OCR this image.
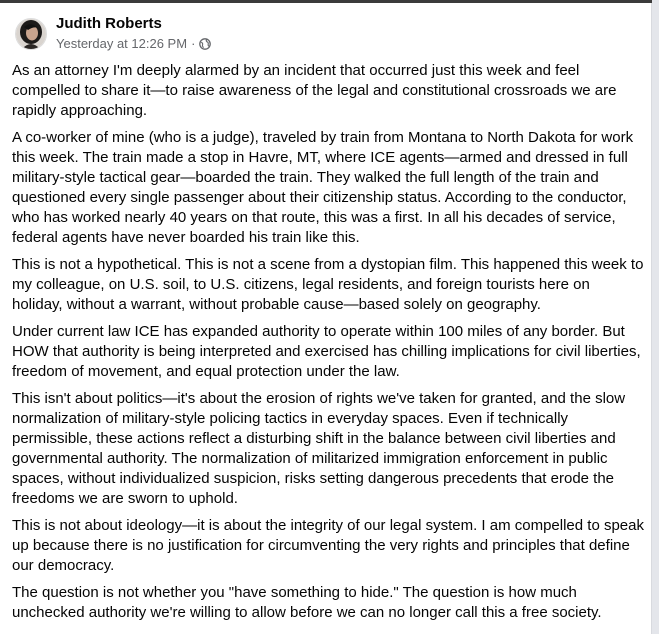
Judith Roberts
Yesterday at 12:26 PM ·

As an attorney I'm deeply alarmed by an incident that occurred just this week and feel compelled to share it—to raise awareness of the legal and constitutional crossroads we are rapidly approaching.

A co-worker of mine (who is a judge), traveled by train from Montana to North Dakota for work this week. The train made a stop in Havre, MT, where ICE agents—armed and dressed in full military-style tactical gear—boarded the train. They walked the full length of the train and questioned every single passenger about their citizenship status. According to the conductor, who has worked nearly 40 years on that route, this was a first. In all his decades of service, federal agents have never boarded his train like this.

This is not a hypothetical. This is not a scene from a dystopian film. This happened this week to my colleague, on U.S. soil, to U.S. citizens, legal residents, and foreign tourists here on holiday, without a warrant, without probable cause—based solely on geography.

Under current law ICE has expanded authority to operate within 100 miles of any border. But HOW that authority is being interpreted and exercised has chilling implications for civil liberties, freedom of movement, and equal protection under the law.

This isn't about politics—it's about the erosion of rights we've taken for granted, and the slow normalization of military-style policing tactics in everyday spaces. Even if technically permissible, these actions reflect a disturbing shift in the balance between civil liberties and governmental authority. The normalization of militarized immigration enforcement in public spaces, without individualized suspicion, risks setting dangerous precedents that erode the freedoms we are sworn to uphold.

This is not about ideology—it is about the integrity of our legal system. I am compelled to speak up because there is no justification for circumventing the very rights and principles that define our democracy.

The question is not whether you "have something to hide." The question is how much unchecked authority we're willing to allow before we can no longer call this a free society.
